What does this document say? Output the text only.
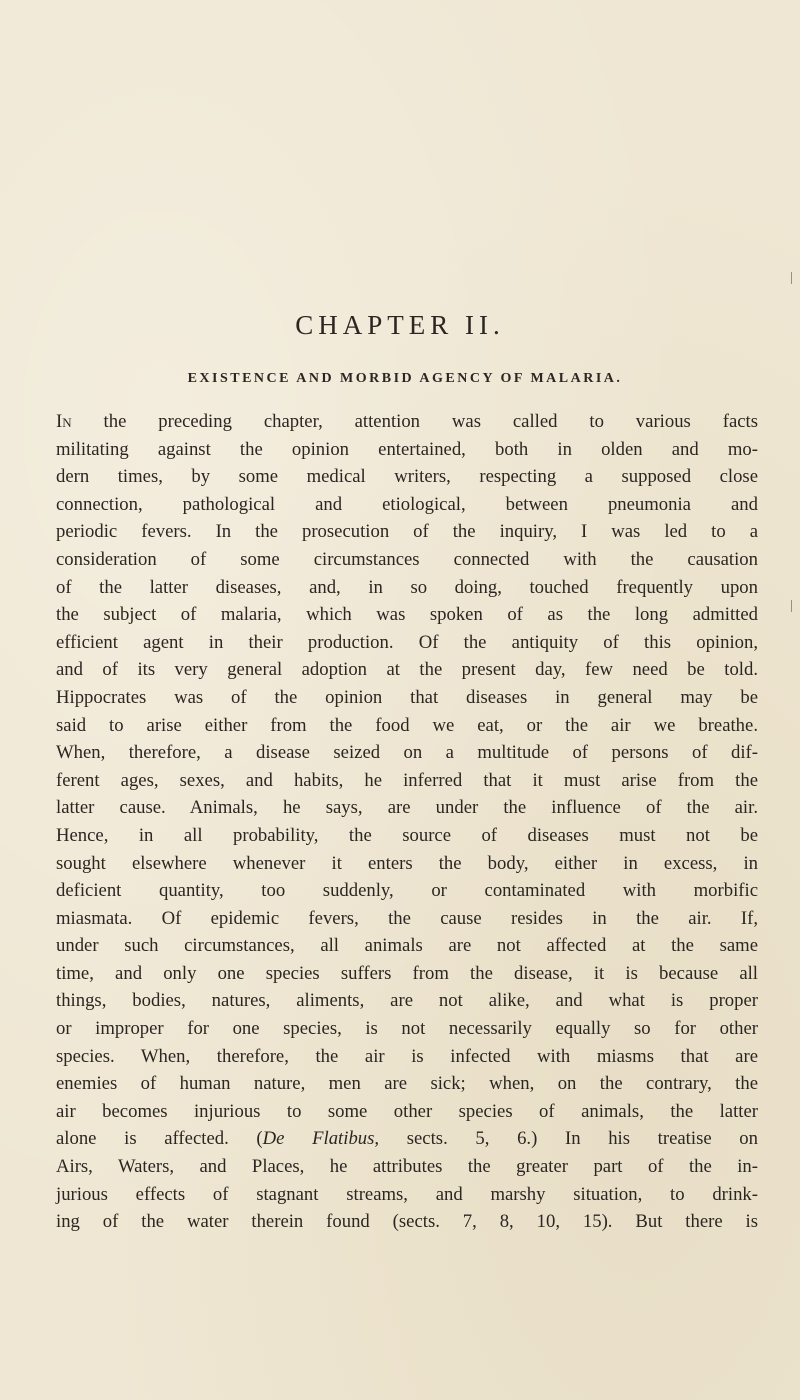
CHAPTER II.
EXISTENCE AND MORBID AGENCY OF MALARIA.
In the preceding chapter, attention was called to various facts
militating against the opinion entertained, both in olden and mo-
dern times, by some medical writers, respecting a supposed close
connection, pathological and etiological, between pneumonia and
periodic fevers. In the prosecution of the inquiry, I was led to a
consideration of some circumstances connected with the causation
of the latter diseases, and, in so doing, touched frequently upon
the subject of malaria, which was spoken of as the long admitted
efficient agent in their production. Of the antiquity of this opinion,
and of its very general adoption at the present day, few need be told.
Hippocrates was of the opinion that diseases in general may be
said to arise either from the food we eat, or the air we breathe.
When, therefore, a disease seized on a multitude of persons of dif-
ferent ages, sexes, and habits, he inferred that it must arise from the
latter cause. Animals, he says, are under the influence of the air.
Hence, in all probability, the source of diseases must not be
sought elsewhere whenever it enters the body, either in excess, in
deficient quantity, too suddenly, or contaminated with morbific
miasmata. Of epidemic fevers, the cause resides in the air. If,
under such circumstances, all animals are not affected at the same
time, and only one species suffers from the disease, it is because all
things, bodies, natures, aliments, are not alike, and what is proper
or improper for one species, is not necessarily equally so for other
species. When, therefore, the air is infected with miasms that are
enemies of human nature, men are sick; when, on the contrary, the
air becomes injurious to some other species of animals, the latter
alone is affected. (De Flatibus, sects. 5, 6.) In his treatise on
Airs, Waters, and Places, he attributes the greater part of the in-
jurious effects of stagnant streams, and marshy situation, to drink-
ing of the water therein found (sects. 7, 8, 10, 15). But there is
